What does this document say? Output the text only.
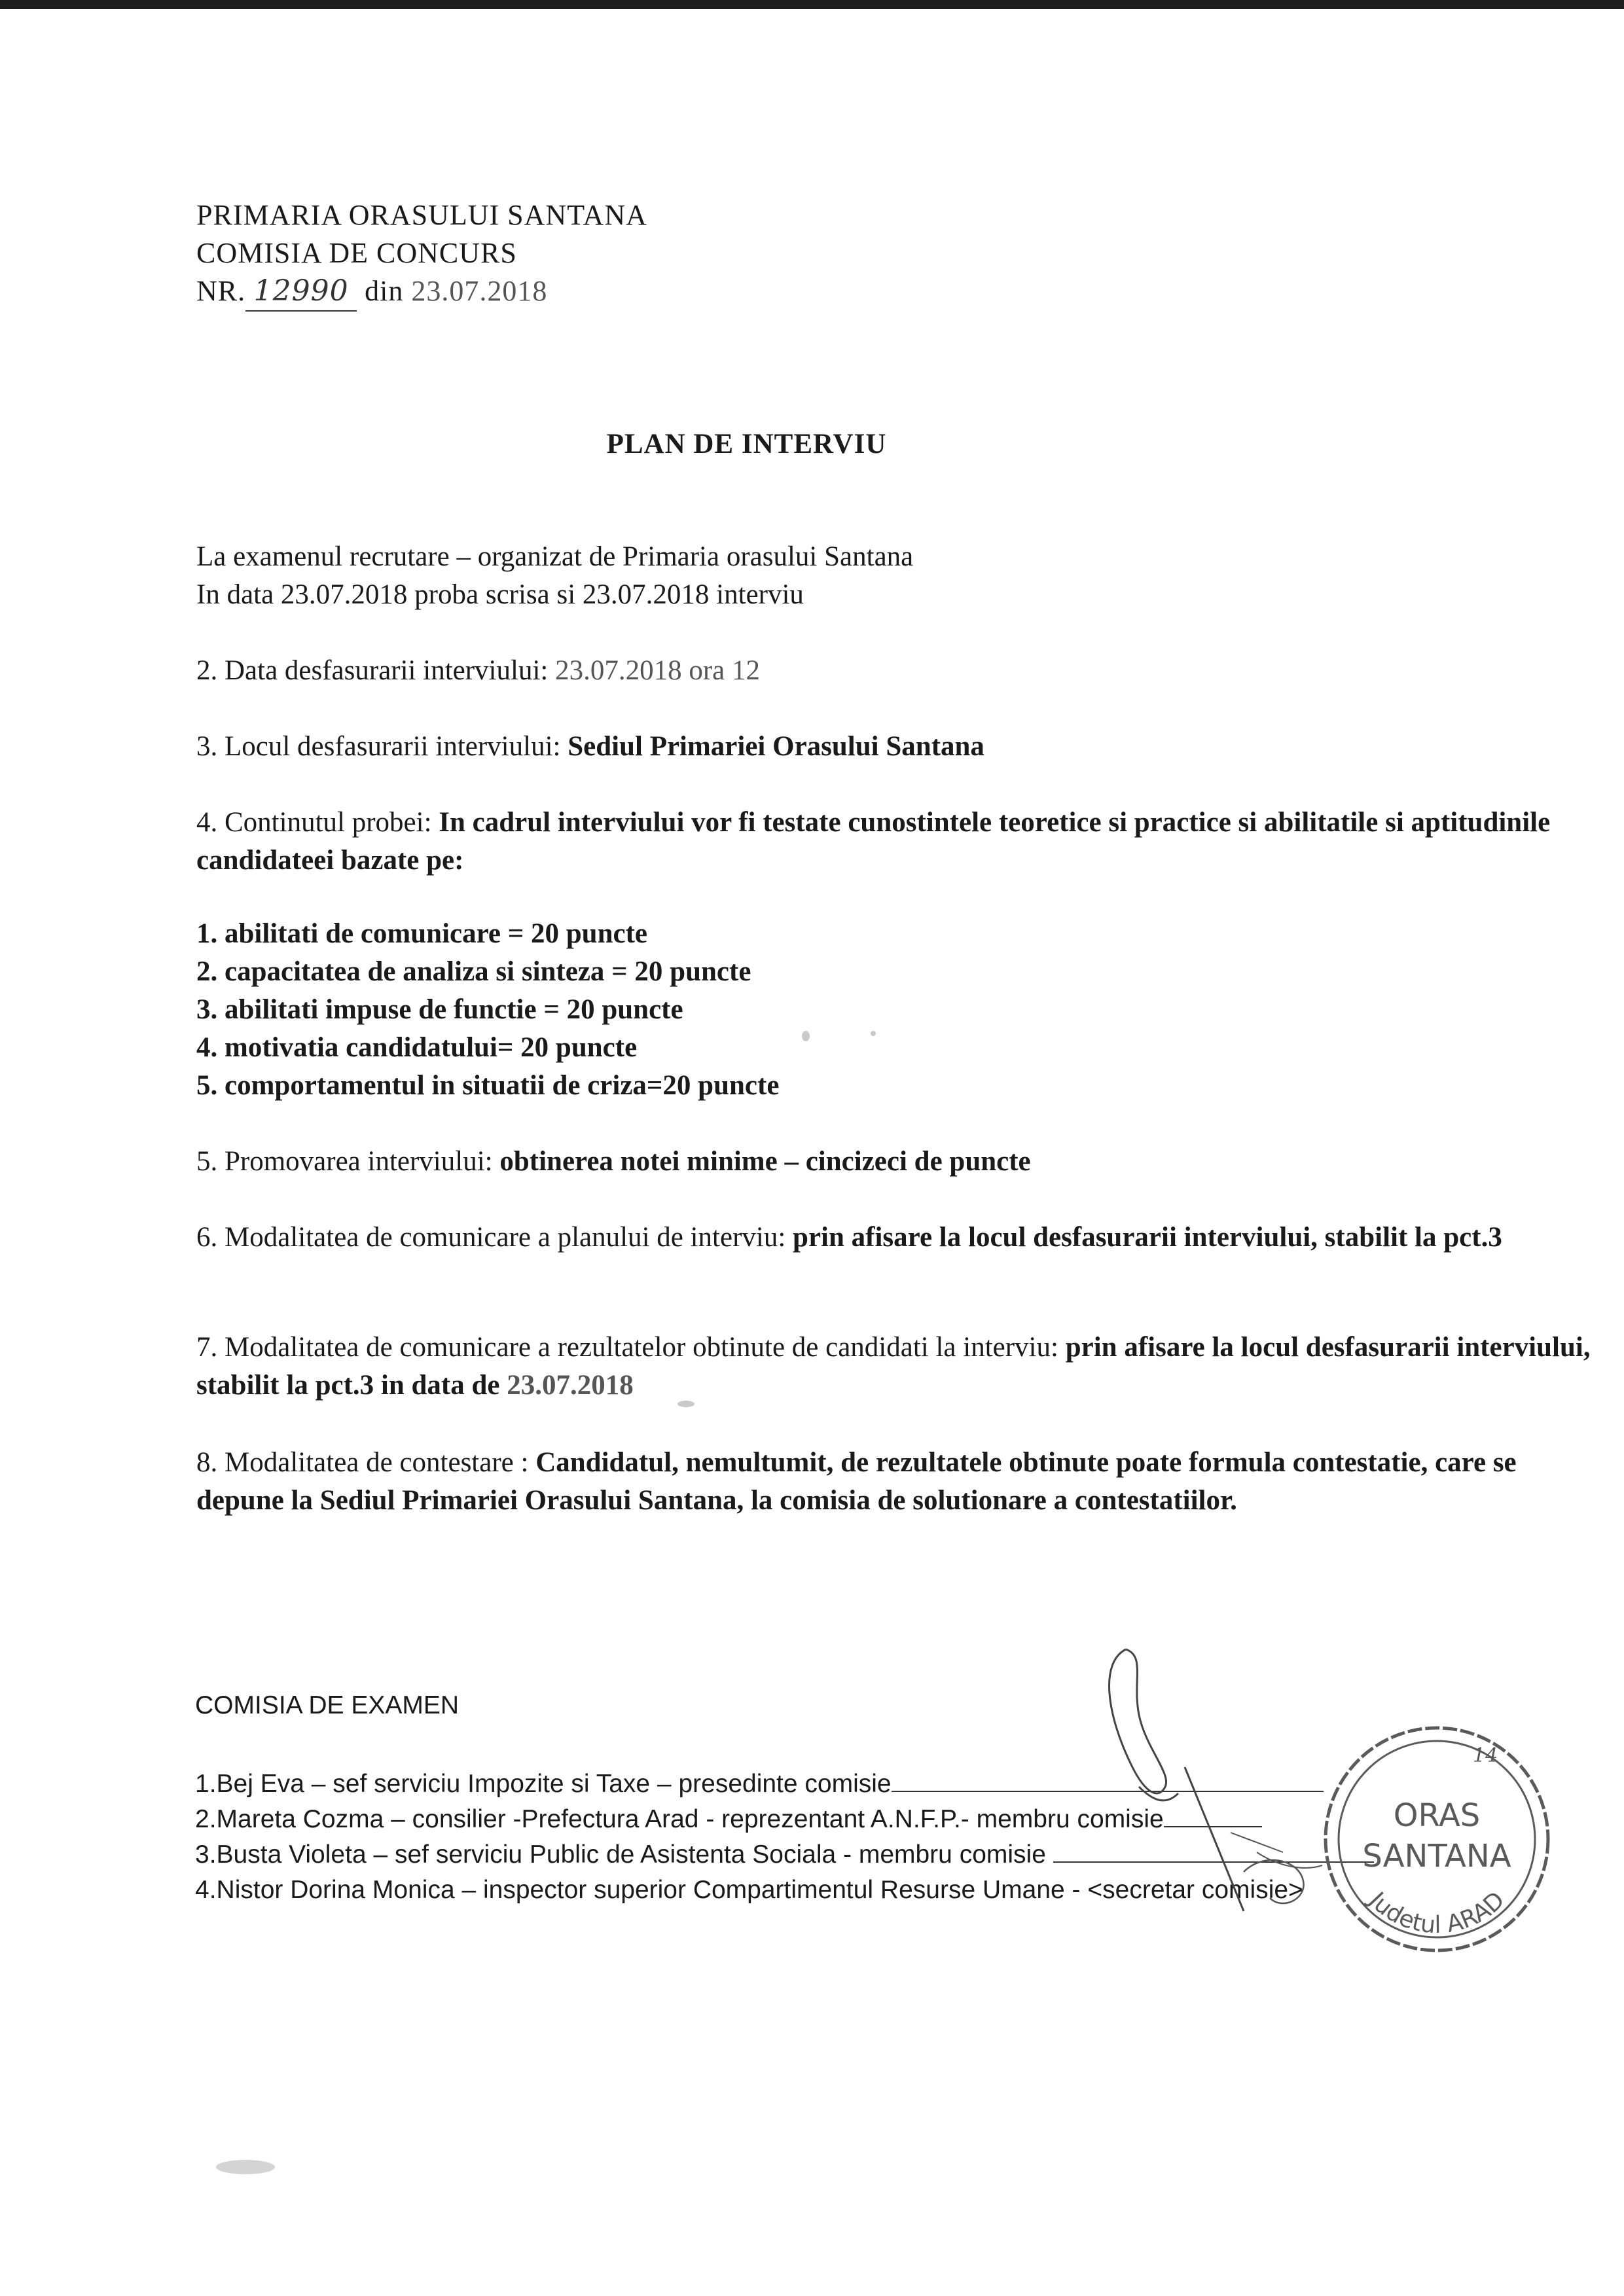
PRIMARIA ORASULUI SANTANA
COMISIA DE CONCURS
NR. 12990 din 23.07.2018
PLAN DE INTERVIU
La examenul recrutare – organizat de Primaria orasului Santana
In data 23.07.2018 proba scrisa si 23.07.2018 interviu
2. Data desfasurarii interviului: 23.07.2018 ora 12
3. Locul desfasurarii interviului: Sediul Primariei Orasului Santana
4. Continutul probei: In cadrul interviului vor fi testate cunostintele teoretice si practice si abilitatile si aptitudinile candidateei bazate pe:
1. abilitati de comunicare = 20 puncte
2. capacitatea de analiza si sinteza = 20 puncte
3. abilitati impuse de functie = 20 puncte
4. motivatia candidatului= 20 puncte
5. comportamentul in situatii de criza=20 puncte
5. Promovarea interviului: obtinerea notei minime – cincizeci de puncte
6. Modalitatea de comunicare a planului de interviu: prin afisare la locul desfasurarii interviului, stabilit la pct.3
7. Modalitatea de comunicare a rezultatelor obtinute de candidati la interviu: prin afisare la locul desfasurarii interviului, stabilit la pct.3 in data de 23.07.2018
8. Modalitatea de contestare : Candidatul, nemultumit, de rezultatele obtinute poate formula contestatie, care se depune la Sediul Primariei Orasului Santana, la comisia de solutionare a contestatiilor.
COMISIA DE EXAMEN
1.Bej Eva – sef serviciu Impozite si Taxe – presedinte comisie
2.Mareta Cozma – consilier -Prefectura Arad - reprezentant A.N.F.P.- membru comisie
3.Busta Violeta – sef serviciu Public de Asistenta Sociala - membru comisie
4.Nistor Dorina Monica – inspector superior Compartimentul Resurse Umane - <secretar comisie>
ORAS
SANTANA
Judetul ARAD
14
